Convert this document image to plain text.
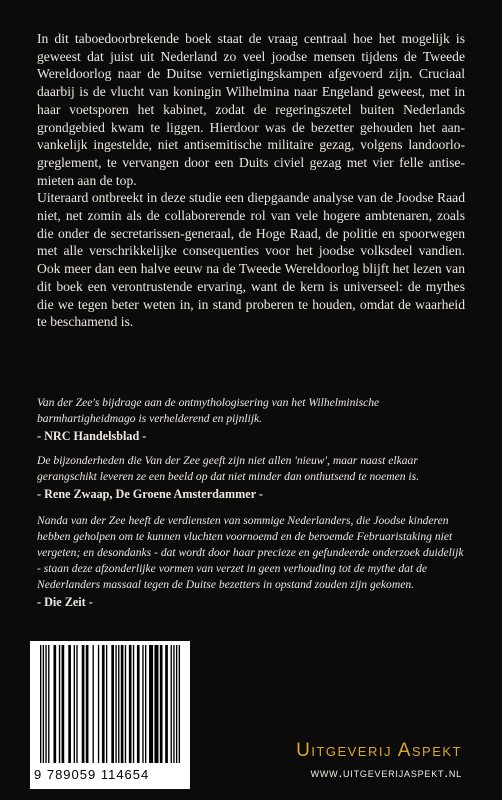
In dit taboedoorbrekende boek staat de vraag centraal hoe het mogelijk is geweest dat juist uit Nederland zo veel joodse mensen tijdens de Tweede Wereldoorlog naar de Duitse vernietigingskampen afgevoerd zijn. Cruciaal daarbij is de vlucht van koningin Wilhelmina naar Engeland geweest, met in haar voetsporen het kabinet, zodat de regeringszetel buiten Nederlands grondgebied kwam te liggen. Hierdoor was de bezetter gehouden het aanvankelijk ingestelde, niet antisemitische militaire gezag, volgens landoorlogreglement, te vervangen door een Duits civiel gezag met vier felle antisemieten aan de top.

Uiteraard ontbreekt in deze studie een diepgaande analyse van de Joodse Raad niet, net zomin als de collaborerende rol van vele hogere ambtenaren, zoals die onder de secretarissen-generaal, de Hoge Raad, de politie en spoorwegen met alle verschrikkelijke consequenties voor het joodse volksdeel vandien. Ook meer dan een halve eeuw na de Tweede Wereldoorlog blijft het lezen van dit boek een verontrustende ervaring, want de kern is universeel: de mythes die we tegen beter weten in, in stand proberen te houden, omdat de waarheid te beschamend is.

Van der Zee's bijdrage aan de ontmythologisering van het Wilhelminische barmhartigheidmago is verhelderend en pijnlijk.

- NRC Handelsblad -

De bijzonderheden die Van der Zee geeft zijn niet allen 'nieuw', maar naast elkaar gerangschikt leveren ze een beeld op dat niet minder dan onthutsend te noemen is.

- Rene Zwaap, De Groene Amsterdammer -

Nanda van der Zee heeft de verdiensten van sommige Nederlanders, die Joodse kinderen hebben geholpen om te kunnen vluchten voornoemd en de beroemde Februaristaking niet vergeten; en desondanks - dat wordt door haar precieze en gefundeerde onderzoek duidelijk - staan deze afzonderlijke vormen van verzet in geen verhouding tot de mythe dat de Nederlanders massaal tegen de Duitse bezetters in opstand zouden zijn gekomen.

- Die Zeit -

9 789059 114654
Uitgeverij Aspekt
www.uitgeverijaspekt.nl
